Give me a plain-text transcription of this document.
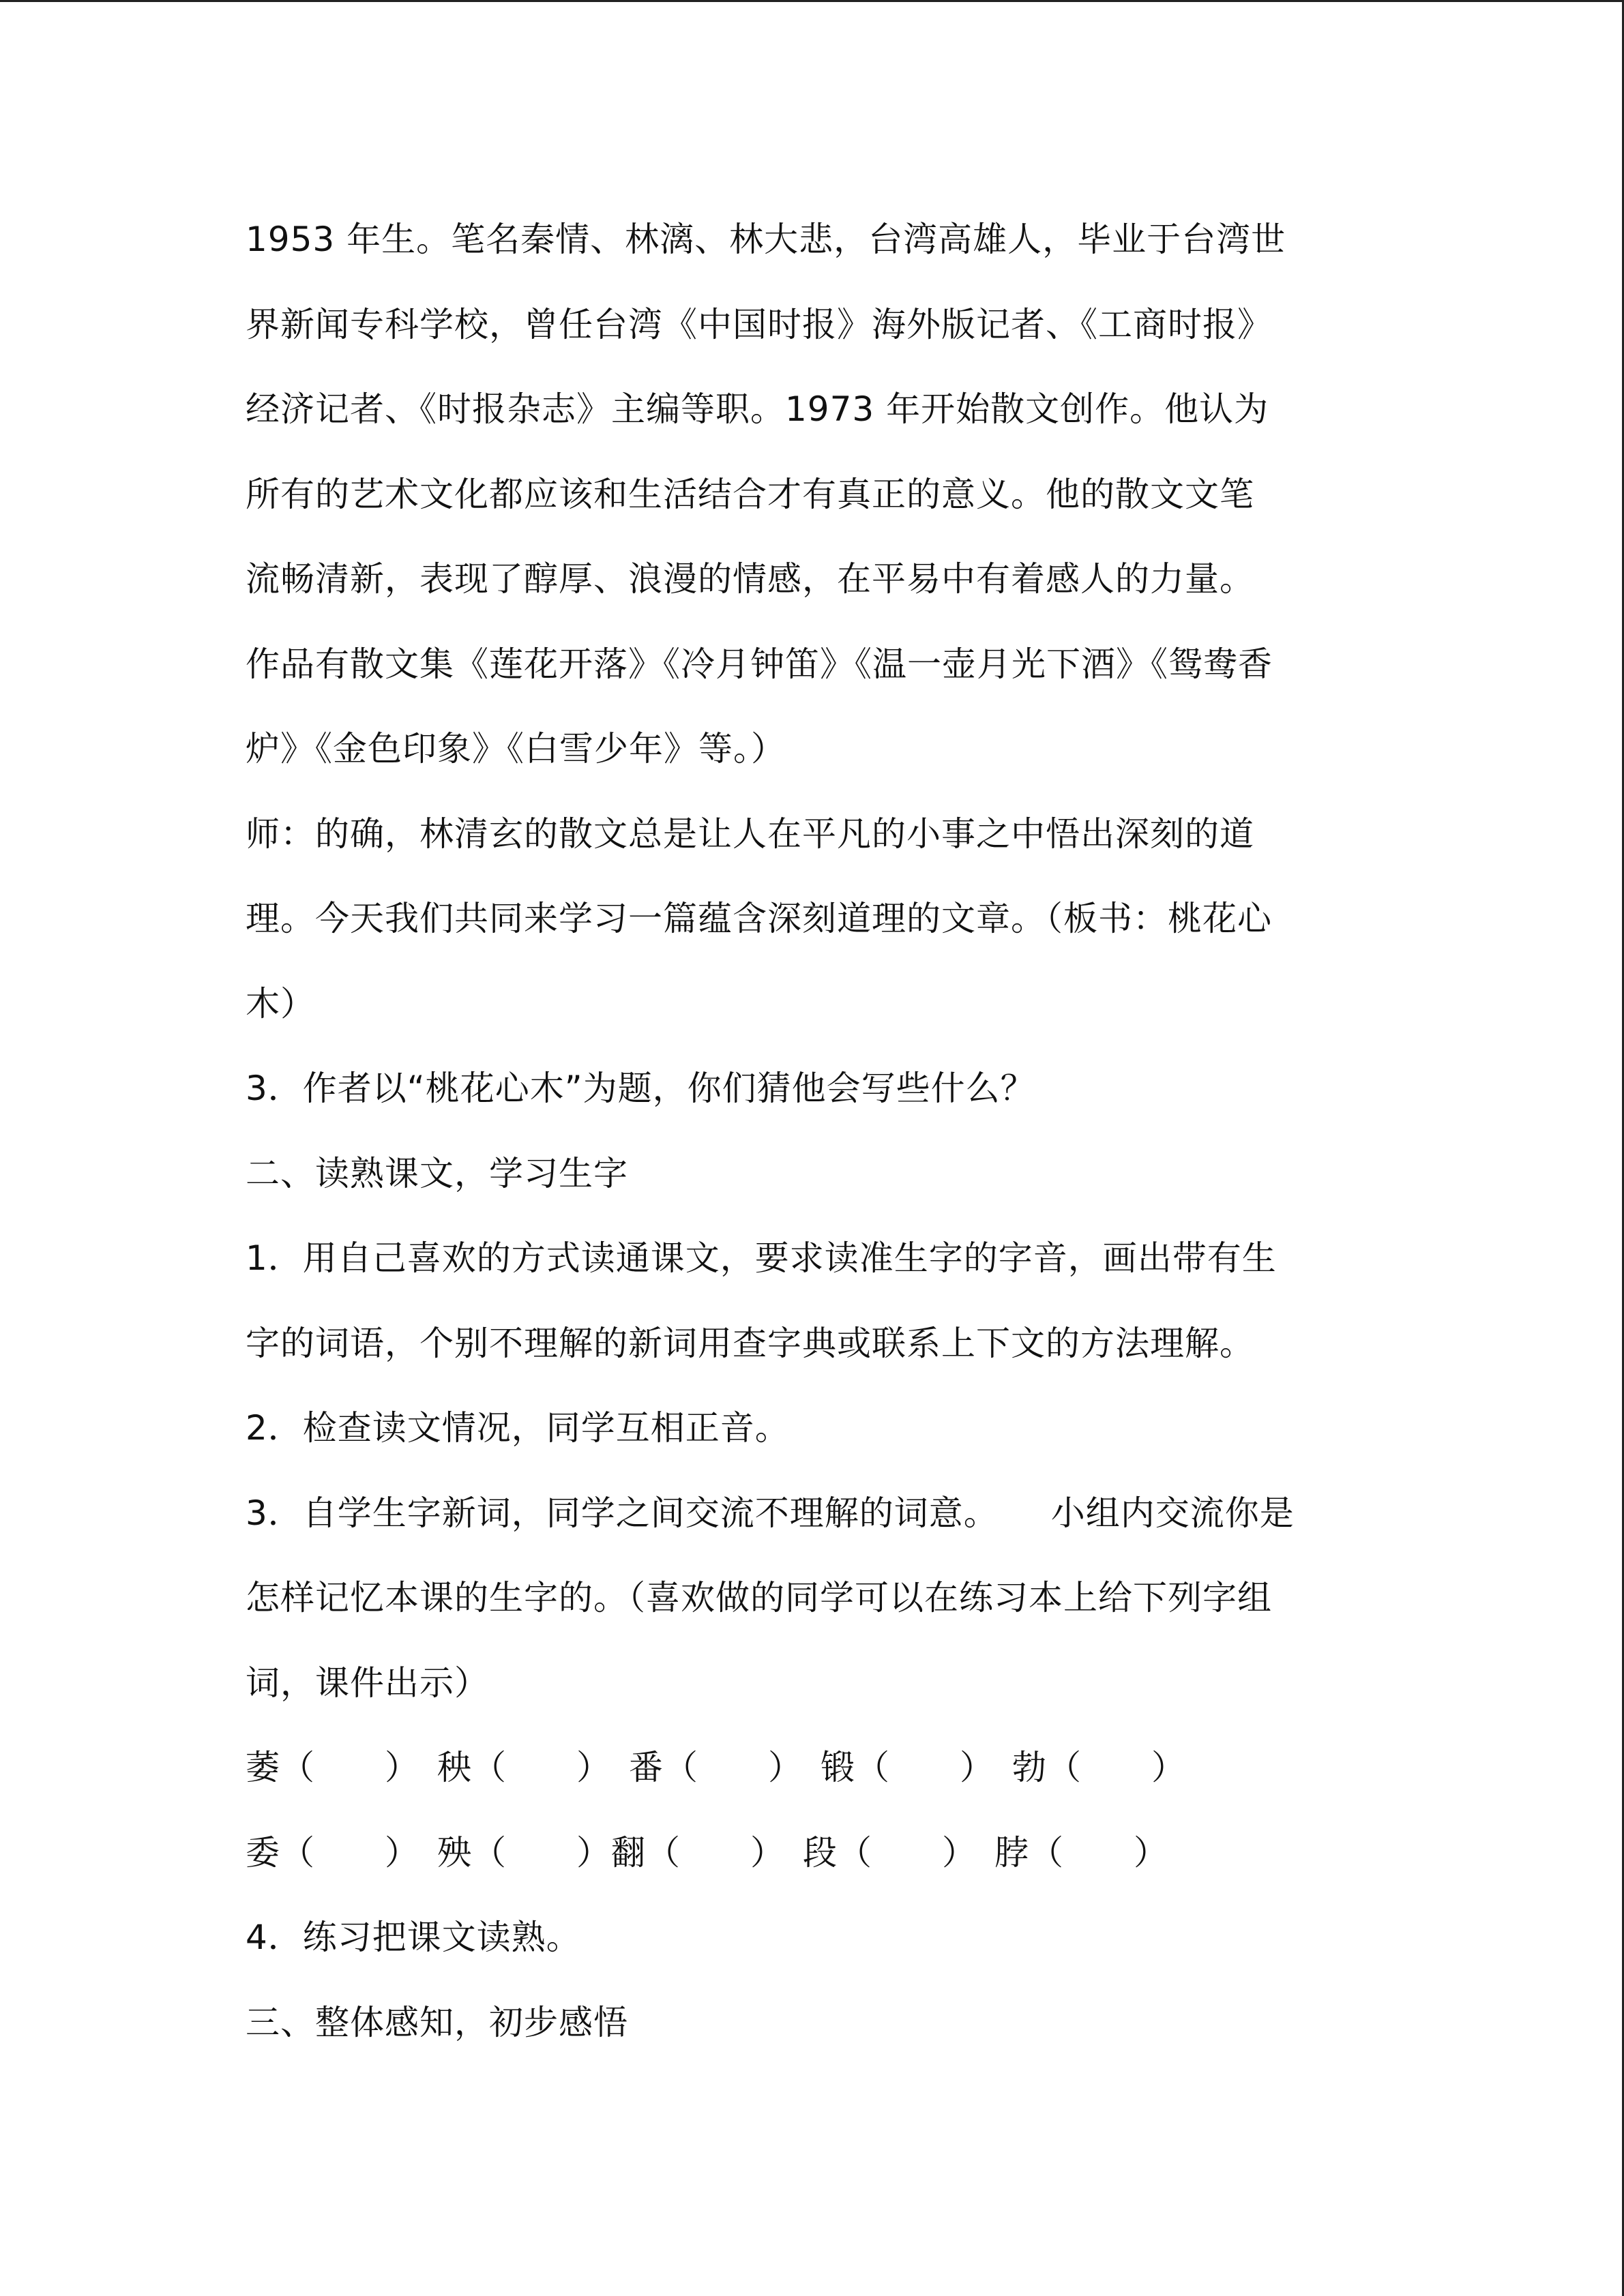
1953 年生。笔名秦情、林漓、林大悲，台湾高雄人，毕业于台湾世
界新闻专科学校，曾任台湾《中国时报》海外版记者、《工商时报》
经济记者、《时报杂志》主编等职。1973 年开始散文创作。他认为
所有的艺术文化都应该和生活结合才有真正的意义。他的散文文笔
流畅清新，表现了醇厚、浪漫的情感，在平易中有着感人的力量。
作品有散文集《莲花开落》《冷月钟笛》《温一壶月光下酒》《鸳鸯香
炉》《金色印象》《白雪少年》等。）
师：的确，林清玄的散文总是让人在平凡的小事之中悟出深刻的道
理。今天我们共同来学习一篇蕴含深刻道理的文章。（板书：桃花心
木）
3．作者以“桃花心木”为题，你们猜他会写些什么？
二、读熟课文，学习生字
1．用自己喜欢的方式读通课文，要求读准生字的字音，画出带有生
字的词语，个别不理解的新词用查字典或联系上下文的方法理解。
2．检查读文情况，同学互相正音。
3．自学生字新词，同学之间交流不理解的词意。　　小组内交流你是
怎样记忆本课的生字的。（喜欢做的同学可以在练习本上给下列字组
词，课件出示）
萎（　　）　秧（　　）　番（　　）　锻（　　）　勃（　　）
委（　　）　殃（　　）翻（　　）　段（　　）　脖（　　）
4．练习把课文读熟。
三、整体感知，初步感悟
